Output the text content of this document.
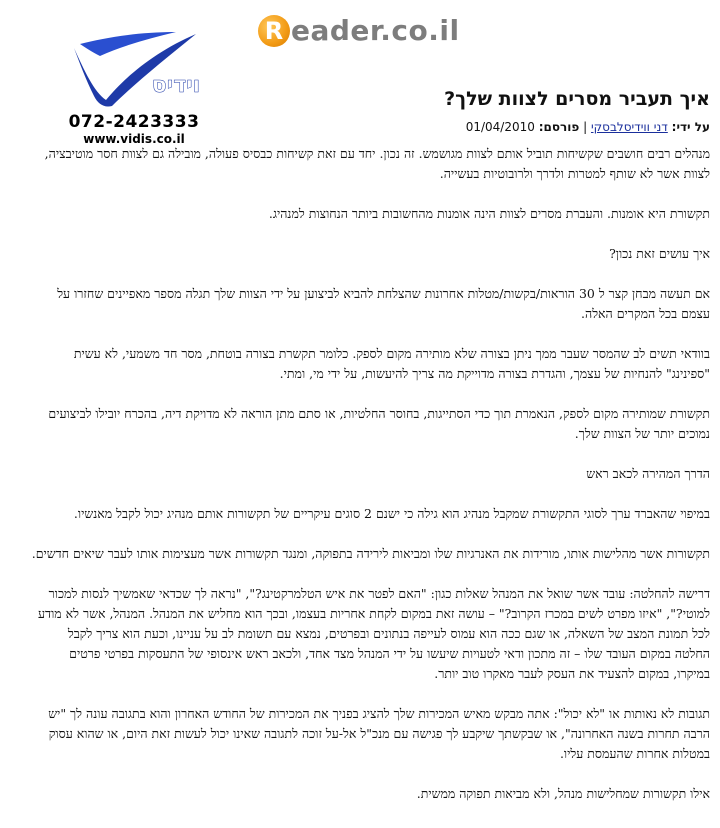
R eader.co.il
וידיס
072-2423333
www.vidis.co.il
איך תעביר מסרים לצוות שלך?
על ידי: דני ווידיסלבסקי | פורסם: 01/04/2010

מנהלים רבים חושבים שקשיחות תוביל אותם לצוות מגושמש. זה נכון. יחד עם זאת קשיחות כבסיס פעולה, מובילה גם לצוות חסר מוטיבציה, לצוות אשר לא שותף למטרות ולדרך ולרובוטיות בעשייה.

תקשורת היא אומנות. והעברת מסרים לצוות הינה אומנות מהחשובות ביותר הנחוצות למנהיג.

איך עושים זאת נכון?

אם תעשה מבחן קצר ל 30 הוראות/בקשות/מטלות אחרונות שהצלחת להביא לביצוען על ידי הצוות שלך תגלה מספר מאפיינים שחזרו על עצמם בכל המקרים האלה.

בוודאי תשים לב שהמסר שעבר ממך ניתן בצורה שלא מותירה מקום לספק. כלומר תקשרת בצורה בוטחת, מסר חד משמעי, לא עשית "ספינינג" להנחיות של עצמך, והגדרת בצורה מדוייקת מה צריך להיעשות, על ידי מי, ומתי.

תקשורת שמותירה מקום לספק, הנאמרת תוך כדי הסתייגות, בחוסר החלטיות, או סתם מתן הוראה לא מדויקת דיה, בהכרח יובילו לביצועים נמוכים יותר של הצוות שלך.

הדרך המהירה לכאב ראש

במיפוי שהאברד ערך לסוגי התקשורת שמקבל מנהיג הוא גילה כי ישנם 2 סוגים עיקריים של תקשורות אותם מנהיג יכול לקבל מאנשיו.

תקשורות אשר מהלישות אותו, מורידות את האנרגיות שלו ומביאות לירידה בתפוקה, ומנגד תקשורות אשר מעצימות אותו לעבר שיאים חדשים.

דרישה להחלטה: עובד אשר שואל את המנהל שאלות כגון: "האם לפטר את איש הטלמרקטינג?", "נראה לך שכדאי שאמשיך לנסות למכור למוטי?", "איזו מפרט לשים במכרז הקרוב?" – עושה זאת במקום לקחת אחריות בעצמו, ובכך הוא מחליש את המנהל. המנהל, אשר לא מודע לכל תמונת המצב של השאלה, או שגם ככה הוא עמוס לעייפה בנתונים ובפרטים, נמצא עם תשומת לב על עניינו, וכעת הוא צריך לקבל החלטה במקום העובד שלו – זה מתכון ודאי לטעויות שיעשו על ידי המנהל מצד אחד, ולכאב ראש אינסופי של התעסקות בפרטי פרטים במיקרו, במקום להצעיד את העסק לעבר מאקרו טוב יותר.

תגובות לא נאותות או "לא יכול": אתה מבקש מאיש המכירות שלך להציג בפניך את המכירות של החודש האחרון והוא בתגובה עונה לך "יש הרבה תחרות בשנה האחרונה", או שבקשתך שיקבע לך פגישה עם מנכ"ל אל-על זוכה לתגובה שאינו יכול לעשות זאת היום, או שהוא עסוק במטלות אחרות שהעמסת עליו.

אילו תקשורות שמחלישות מנהל, ולא מביאות תפוקה ממשית.
